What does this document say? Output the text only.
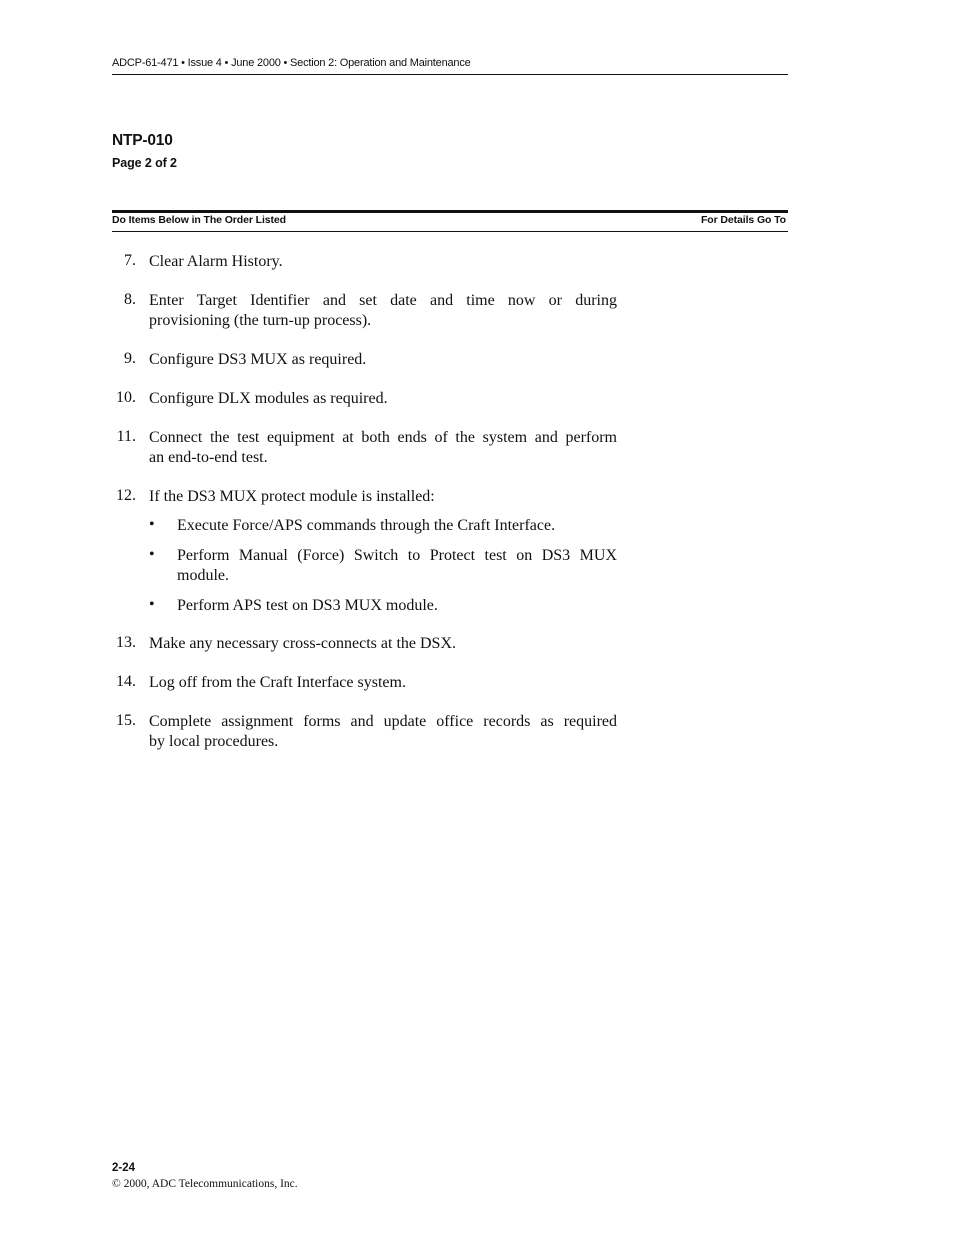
ADCP-61-471 • Issue 4 • June 2000 • Section 2: Operation and Maintenance
NTP-010
Page 2 of 2
Do Items Below in The Order Listed	For Details Go To
7. Clear Alarm History.
8. Enter Target Identifier and set date and time now or during
provisioning (the turn-up process).
9. Configure DS3 MUX as required.
10. Configure DLX modules as required.
11. Connect the test equipment at both ends of the system and perform
an end-to-end test.
12. If the DS3 MUX protect module is installed:
• Execute Force/APS commands through the Craft Interface.
• Perform Manual (Force) Switch to Protect test on DS3 MUX
module.
• Perform APS test on DS3 MUX module.
13. Make any necessary cross-connects at the DSX.
14. Log off from the Craft Interface system.
15. Complete assignment forms and update office records as required
by local procedures.
2-24
© 2000, ADC Telecommunications, Inc.
